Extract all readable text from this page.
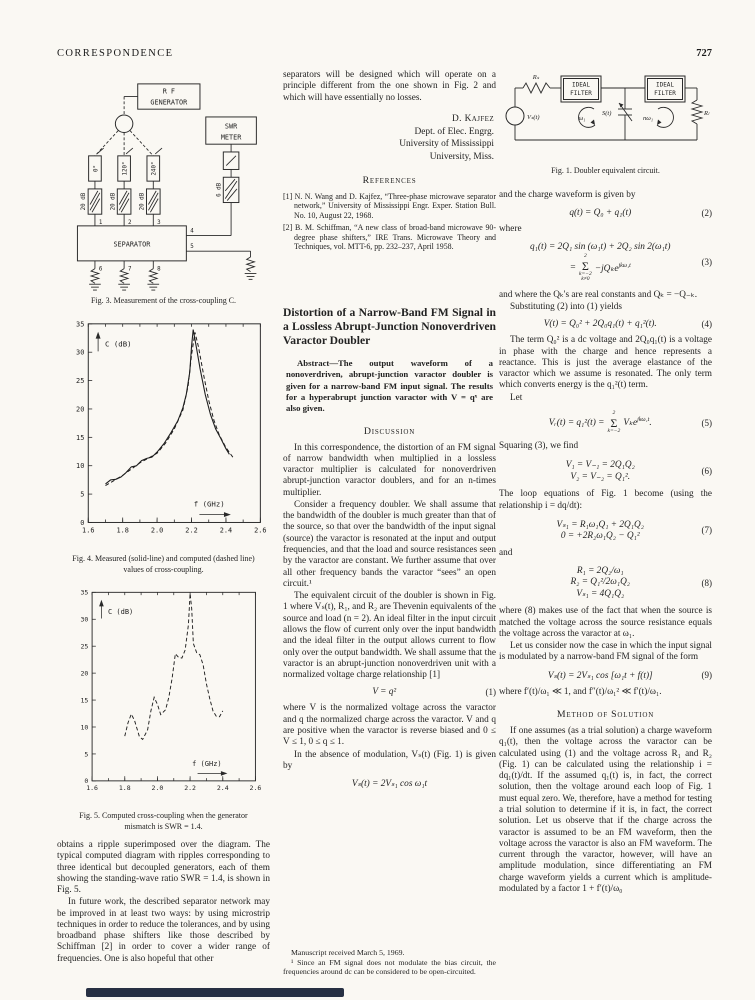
CORRESPONDENCE	727
R F
GENERATOR
0°	120°	240°
20 dB	20 dB	20 dB
1	2	3
SEPARATOR
6	7	8
SWR
METER
6 dB
4
5
Fig. 3. Measurement of the cross-coupling C.
1.6	1.8	2.0	2.2	2.4	2.6
0
5
10
15
20
25
30
35
C (dB)
f (GHz)
Fig. 4. Measured (solid-line) and computed (dashed line) values of cross-coupling.
1.6	1.8	2.0	2.2	2.4	2.6
0
5
10
15
20
25
30
35
C (dB)
f (GHz)
Fig. 5. Computed cross-coupling when the generator mismatch is SWR = 1.4.

obtains a ripple superimposed over the diagram. The typical computed diagram with ripples corresponding to three identical but decoupled generators, each of them showing the standing-wave ratio SWR = 1.4, is shown in Fig. 5.

In future work, the described separator network may be improved in at least two ways: by using microstrip techniques in order to reduce the tolerances, and by using broadband phase shifters like those described by Schiffman [2] in order to cover a wider range of frequencies. One is also hopeful that other

separators will be designed which will operate on a principle different from the one shown in Fig. 2 and which will have essentially no losses.

D. Kajfez
Dept. of Elec. Engrg.
University of Mississippi
University, Miss.
References

[1] N. N. Wang and D. Kajfez, “Three-phase microwave separator network,” University of Mississippi Engr. Exper. Station Bull. No. 10, August 22, 1968.

[2] B. M. Schiffman, “A new class of broad-band microwave 90-degree phase shifters,” IRE Trans. Microwave Theory and Techniques, vol. MTT-6, pp. 232–237, April 1958.

Distortion of a Narrow-Band FM Signal in a Lossless Abrupt-Junction Nonoverdriven Varactor Doubler

Abstract—The output waveform of a nonoverdriven, abrupt-junction varactor doubler is given for a narrow-band FM input signal. The results for a hyperabrupt junction varactor with V = qˣ are also given.

Discussion

In this correspondence, the distortion of an FM signal of narrow bandwidth when multiplied in a lossless varactor multiplier is calculated for nonoverdriven abrupt-junction varactor doublers, and for an n-times multiplier.

Consider a frequency doubler. We shall assume that the bandwidth of the doubler is much greater than that of the source, so that over the bandwidth of the input signal (source) the varactor is resonated at the input and output frequencies, and that the load and source resistances seen by the varactor are constant. We further assume that over all other frequency bands the varactor “sees” an open circuit.¹

The equivalent circuit of the doubler is shown in Fig. 1 where Vₛ(t), R₁, and R₂ are Thevenin equivalents of the source and load (n = 2). An ideal filter in the input circuit allows the flow of current only over the input bandwidth and the ideal filter in the output allows current to flow only over the output bandwidth. We shall assume that the varactor is an abrupt-junction nonoverdriven unit with a normalized voltage charge relationship [1]

V = q²	(1)

where V is the normalized voltage across the varactor and q the normalized charge across the varactor. V and q are positive when the varactor is reverse biased and 0 ≤ V ≤ 1, 0 ≤ q ≤ 1.

In the absence of modulation, Vₛ(t) (Fig. 1) is given by

Vₛ(t) = 2Vₛ₁ cos ω₁t

Manuscript received March 5, 1969.

¹ Since an FM signal does not modulate the bias circuit, the frequencies around dc can be considered to be open-circuited.

Rₛ
IDEAL
FILTER
IDEAL
FILTER
Rₗ
Vₛ(t)
S(t)
ω₁	nω₁
Fig. 1. Doubler equivalent circuit.

and the charge waveform is given by

q(t) = Q₀ + q₁(t)	(2)

where

q₁(t) = 2Q₁ sin (ω₁t) + 2Q₂ sin 2(ω₁t)
=
2
Σ
k=−2
k≠0
−jQₖe$^{jk\omega_1t}$	(3)

and where the Qₖ's are real constants and Qₖ = −Q₋ₖ.

Substituting (2) into (1) yields

V(t) = Q₀² + 2Q₀q₁(t) + q₁²(t).	(4)

The term Q₀² is a dc voltage and 2Q₀q₁(t) is a voltage in phase with the charge and hence represents a reactance. This is just the average elastance of the varactor which we assume is resonated. The only term which converts energy is the q₁²(t) term.

Let

Vᵣ(t) = q₁²(t) =
2
Σ
k=−2
Vₖe$^{jk\omega_1t}$.	(5)

Squaring (3), we find

V₁ = V₋₁ = 2Q₁Q₂
V₂ = V₋₂ = Q₁².
(6)

The loop equations of Fig. 1 become (using the relationship i = dq/dt):

Vₛ₁ = R₁ω₁Q₁ + 2Q₁Q₂
0 = +2R₂ω₁Q₂ − Q₁²
(7)

and

R₁ = 2Q₂/ω₁
R₂ = Q₁²/2ω₁Q₂
Vₛ₁ = 4Q₁Q₂
(8)

where (8) makes use of the fact that when the source is matched the voltage across the source resistance equals the voltage across the varactor at ω₁.

Let us consider now the case in which the input signal is modulated by a narrow-band FM signal of the form

Vₛ(t) = 2Vₛ₁ cos [ω₁t + f(t)]	(9)

where f′(t)/ω₁ ≪ 1, and f″(t)/ω₁² ≪ f′(t)/ω₁.

Method of Solution

If one assumes (as a trial solution) a charge waveform q₁(t), then the voltage across the varactor can be calculated using (1) and the voltage across R₁ and R₂ (Fig. 1) can be calculated using the relationship i = dq₁(t)/dt. If the assumed q₁(t) is, in fact, the correct solution, then the voltage around each loop of Fig. 1 must equal zero. We, therefore, have a method for testing a trial solution to determine if it is, in fact, the correct solution. Let us observe that if the charge across the varactor is assumed to be an FM waveform, then the voltage across the varactor is also an FM waveform. The current through the varactor, however, will have an amplitude modulation, since differentiating an FM charge waveform yields a current which is amplitude-modulated by a factor 1 + f′(t)/ω₀
